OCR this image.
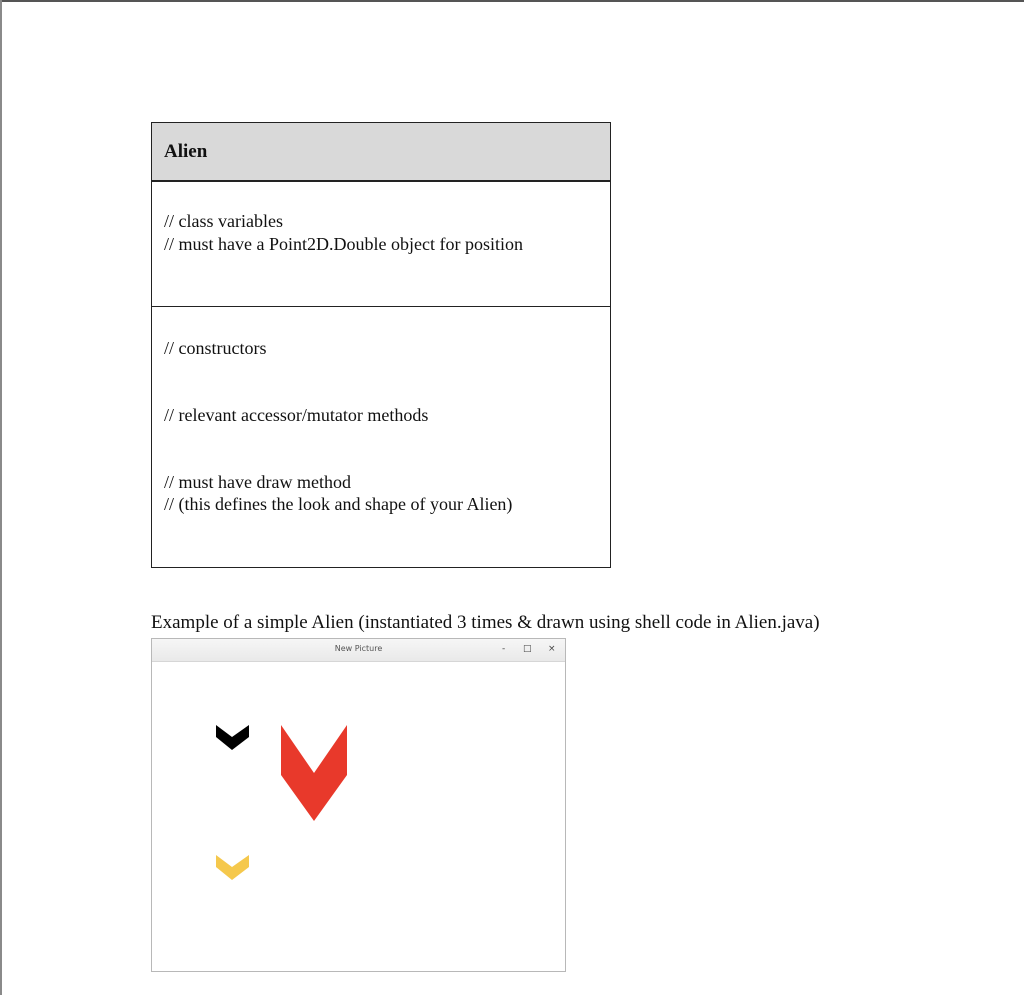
Alien
// class variables
// must have a Point2D.Double object for position
// constructors
// relevant accessor/mutator methods
// must have draw method
// (this defines the look and shape of your Alien)
Example of a simple Alien (instantiated 3 times & drawn using shell code in Alien.java)
New Picture	- □ ×
